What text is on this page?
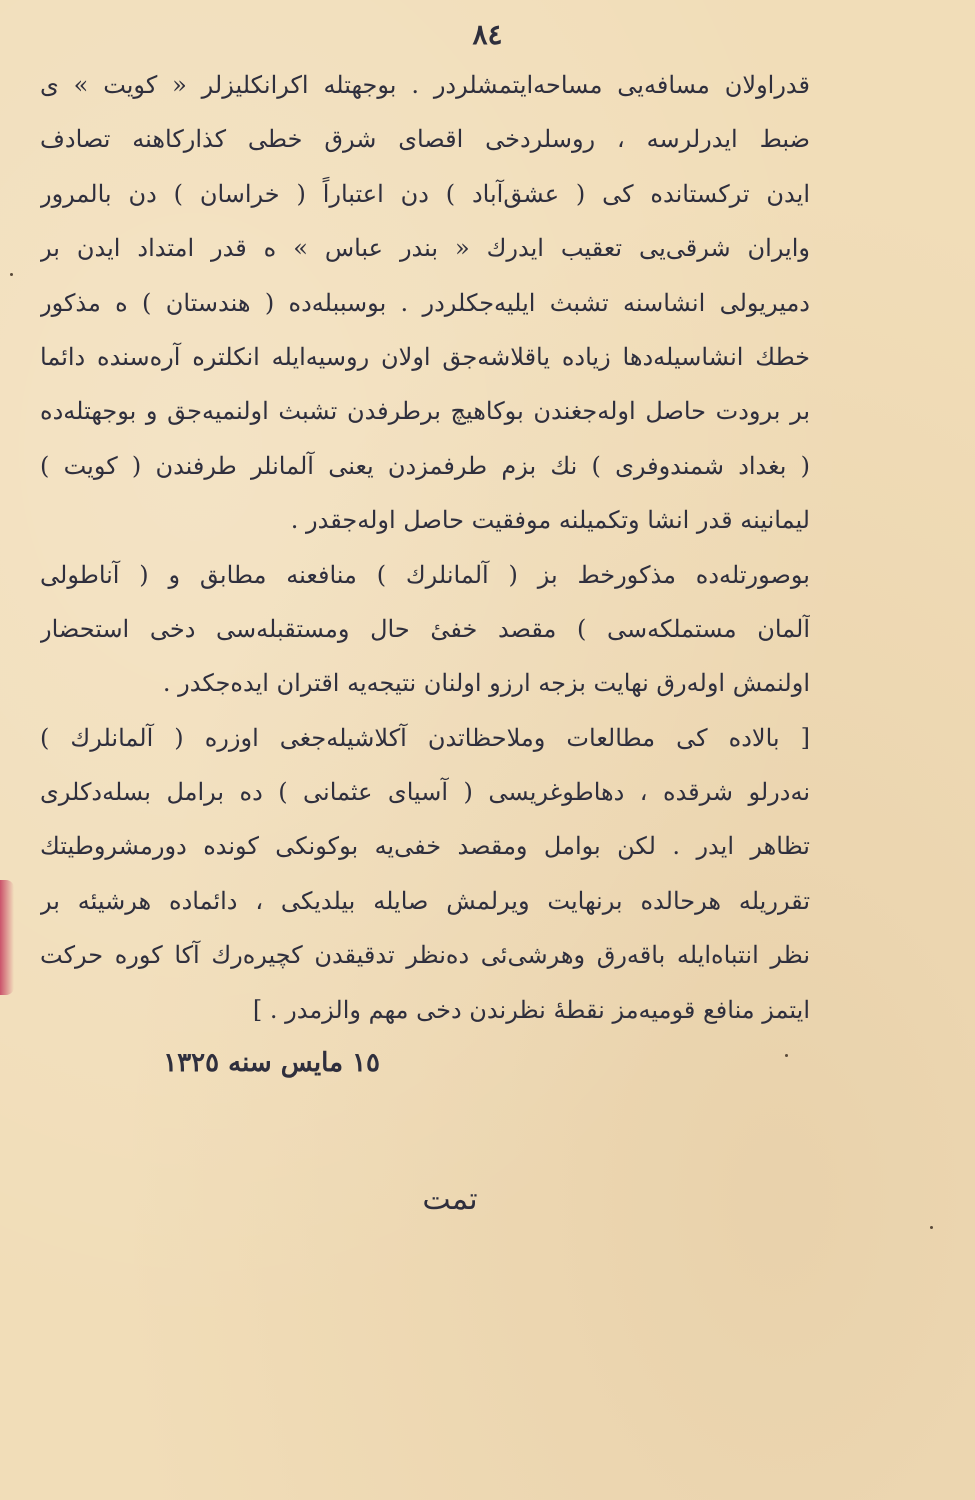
٨٤
قدراولان مسافه‌یی مساحه‌ایتمشلردر . بوجهتله اکرانکلیزلر « کویت » ی
ضبط ایدرلرسه ، روسلردخی اقصای شرق خطی کذارکاهنه تصادف
ایدن ترکستانده کی ( عشق‌آباد ) دن اعتباراً ( خراسان ) دن بالمرور
وایران شرقی‌یی تعقیب ایدرك « بندر عباس » ه قدر امتداد ایدن بر
دمیریولی انشاسنه تشبث ایلیه‌جکلردر . بوسببله‌ده ( هندستان ) ه مذکور
خطك انشاسیله‌دها زیاده یاقلاشه‌جق اولان روسیه‌ایله انکلتره آره‌سنده دائما
بر برودت حاصل اوله‌جغندن بوکاهیچ برطرفدن تشبث اولنمیه‌جق و بوجهتله‌ده
( بغداد شمندوفری ) نك بزم طرفمزدن یعنی آلمانلر طرفندن ( کویت )
لیمانینه قدر انشا وتکمیلنه موفقیت حاصل اوله‌جقدر .
بوصورتله‌ده مذکورخط بز ( آلمانلرك ) منافعنه مطابق و ( آناطولی
آلمان مستملکه‌سی ) مقصد خفیٔ حال ومستقبله‌سی دخی استحضار
اولنمش اوله‌رق نهایت بزجه ارزو اولنان نتیجه‌یه اقتران ایده‌جکدر .
[ بالاده کی مطالعات وملاحظاتدن آکلاشیله‌جغی اوزره ( آلمانلرك )
نه‌درلو شرقده ، دهاطوغریسی ( آسیای عثمانی ) ده برامل بسله‌دکلری
تظاهر ایدر . لکن بوامل ومقصد خفی‌یه بوکونکی کونده دورمشروطیتك
تقرریله هرحالده برنهایت ویرلمش صایله بیلدیکی ، دائماده هرشیئه بر
نظر انتباه‌ایله باقه‌رق وهرشی‌ئی ده‌نظر تدقیقدن کچیره‌رك آکا کوره حرکت
ایتمز منافع قومیه‌مز نقطهٔ نظرندن دخی مهم والزمدر . ]
١٥ مایس سنه ١٣٢٥
تمت
